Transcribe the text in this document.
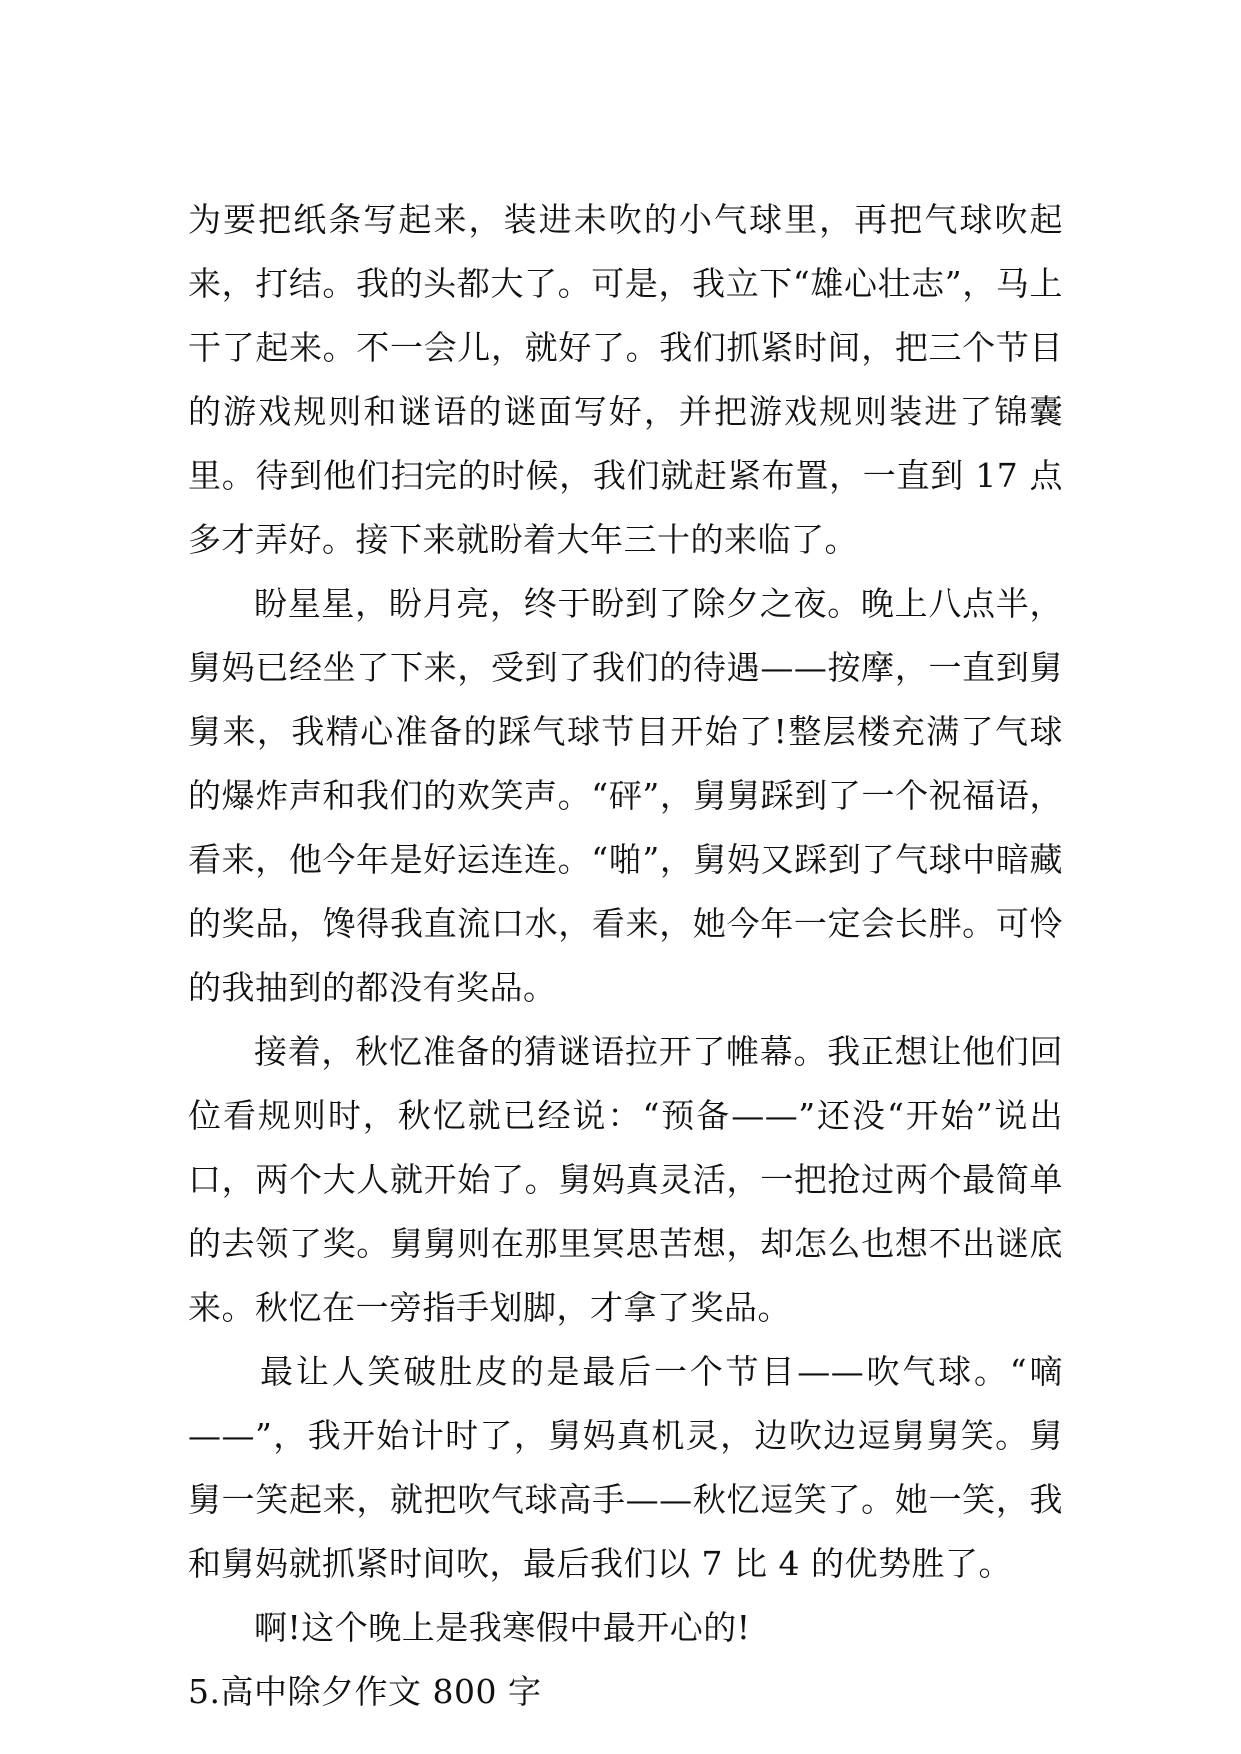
为要把纸条写起来，装进未吹的小气球里，再把气球吹起来，打结。我的头都大了。可是，我立下“雄心壮志”，马上干了起来。不一会儿，就好了。我们抓紧时间，把三个节目的游戏规则和谜语的谜面写好，并把游戏规则装进了锦囊里。待到他们扫完的时候，我们就赶紧布置，一直到 17 点多才弄好。接下来就盼着大年三十的来临了。

盼星星，盼月亮，终于盼到了除夕之夜。晚上八点半，舅妈已经坐了下来，受到了我们的待遇——按摩，一直到舅舅来，我精心准备的踩气球节目开始了!整层楼充满了气球的爆炸声和我们的欢笑声。“砰”，舅舅踩到了一个祝福语，看来，他今年是好运连连。“啪”，舅妈又踩到了气球中暗藏的奖品，馋得我直流口水，看来，她今年一定会长胖。可怜的我抽到的都没有奖品。

接着，秋忆准备的猜谜语拉开了帷幕。我正想让他们回位看规则时，秋忆就已经说：“预备——”还没“开始”说出口，两个大人就开始了。舅妈真灵活，一把抢过两个最简单的去领了奖。舅舅则在那里冥思苦想，却怎么也想不出谜底来。秋忆在一旁指手划脚，才拿了奖品。

最让人笑破肚皮的是最后一个节目——吹气球。“嘀——”，我开始计时了，舅妈真机灵，边吹边逗舅舅笑。舅舅一笑起来，就把吹气球高手——秋忆逗笑了。她一笑，我和舅妈就抓紧时间吹，最后我们以 7 比 4 的优势胜了。

啊!这个晚上是我寒假中最开心的!

5.高中除夕作文 800 字
